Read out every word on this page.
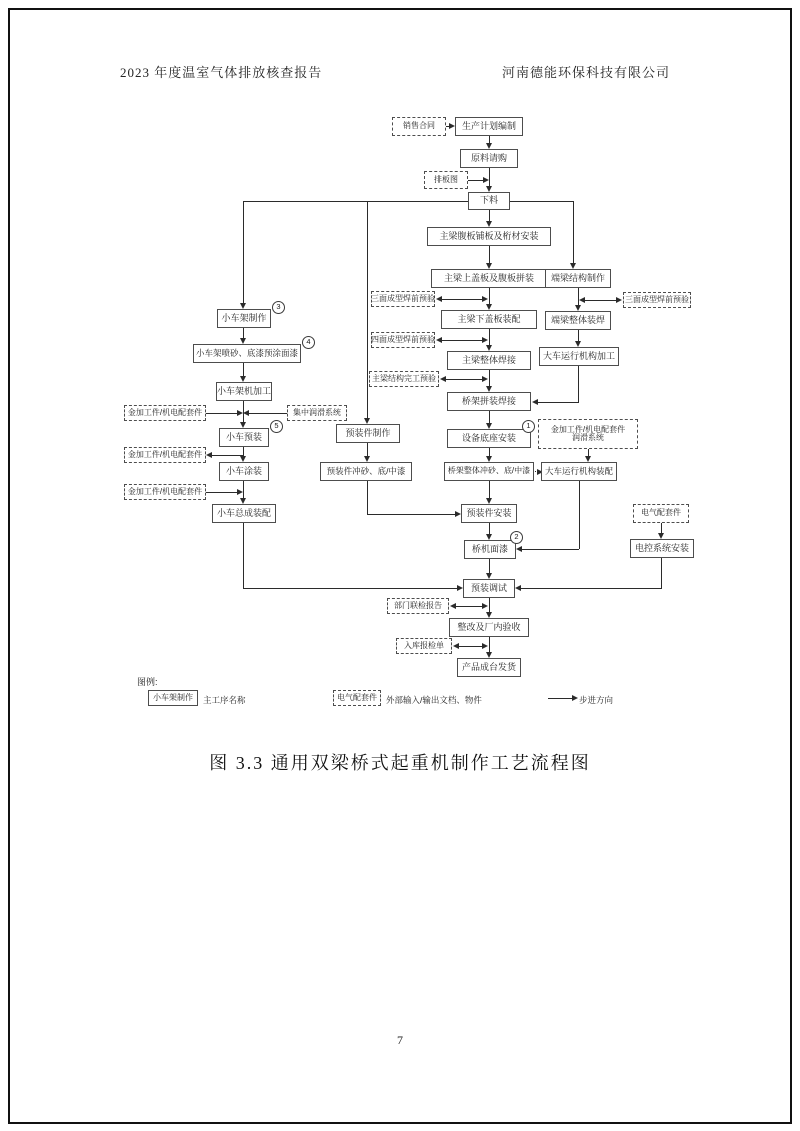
2023 年度温室气体排放核查报告	河南德能环保科技有限公司
销售合同	生产计划编制
原料请购
排板图
下料
主梁腹板铺板及桁材安装
主梁上盖板及腹板拼装
三面成型焊前预验
主梁下盖板装配
四面成型焊前预验
主梁整体焊接
主梁结构完工预验
桥架拼装焊接
设备底座安装
桥架整体冲砂、底/中漆
预装件安装
桥机面漆
预装调试
部门联检报告
整改及厂内验收
入库报检单
产品成台发货
端梁结构制作
三面成型焊前预验
端梁整体装焊
大车运行机构加工
金加工件/机电配套件
润滑系统
大车运行机构装配
电气配套件
电控系统安装
小车架制作
小车架喷砂、底漆预涂面漆
小车架机加工
金加工件/机电配套件	集中润滑系统
小车预装
金加工件/机电配套件
小车涂装
金加工件/机电配套件
小车总成装配
预装件制作
预装件冲砂、底/中漆
1
2
3
4
5
图例:
小车架制作	主工序名称	电气配套件	外部输入/输出文档、物件	步进方向
图 3.3 通用双梁桥式起重机制作工艺流程图
7
